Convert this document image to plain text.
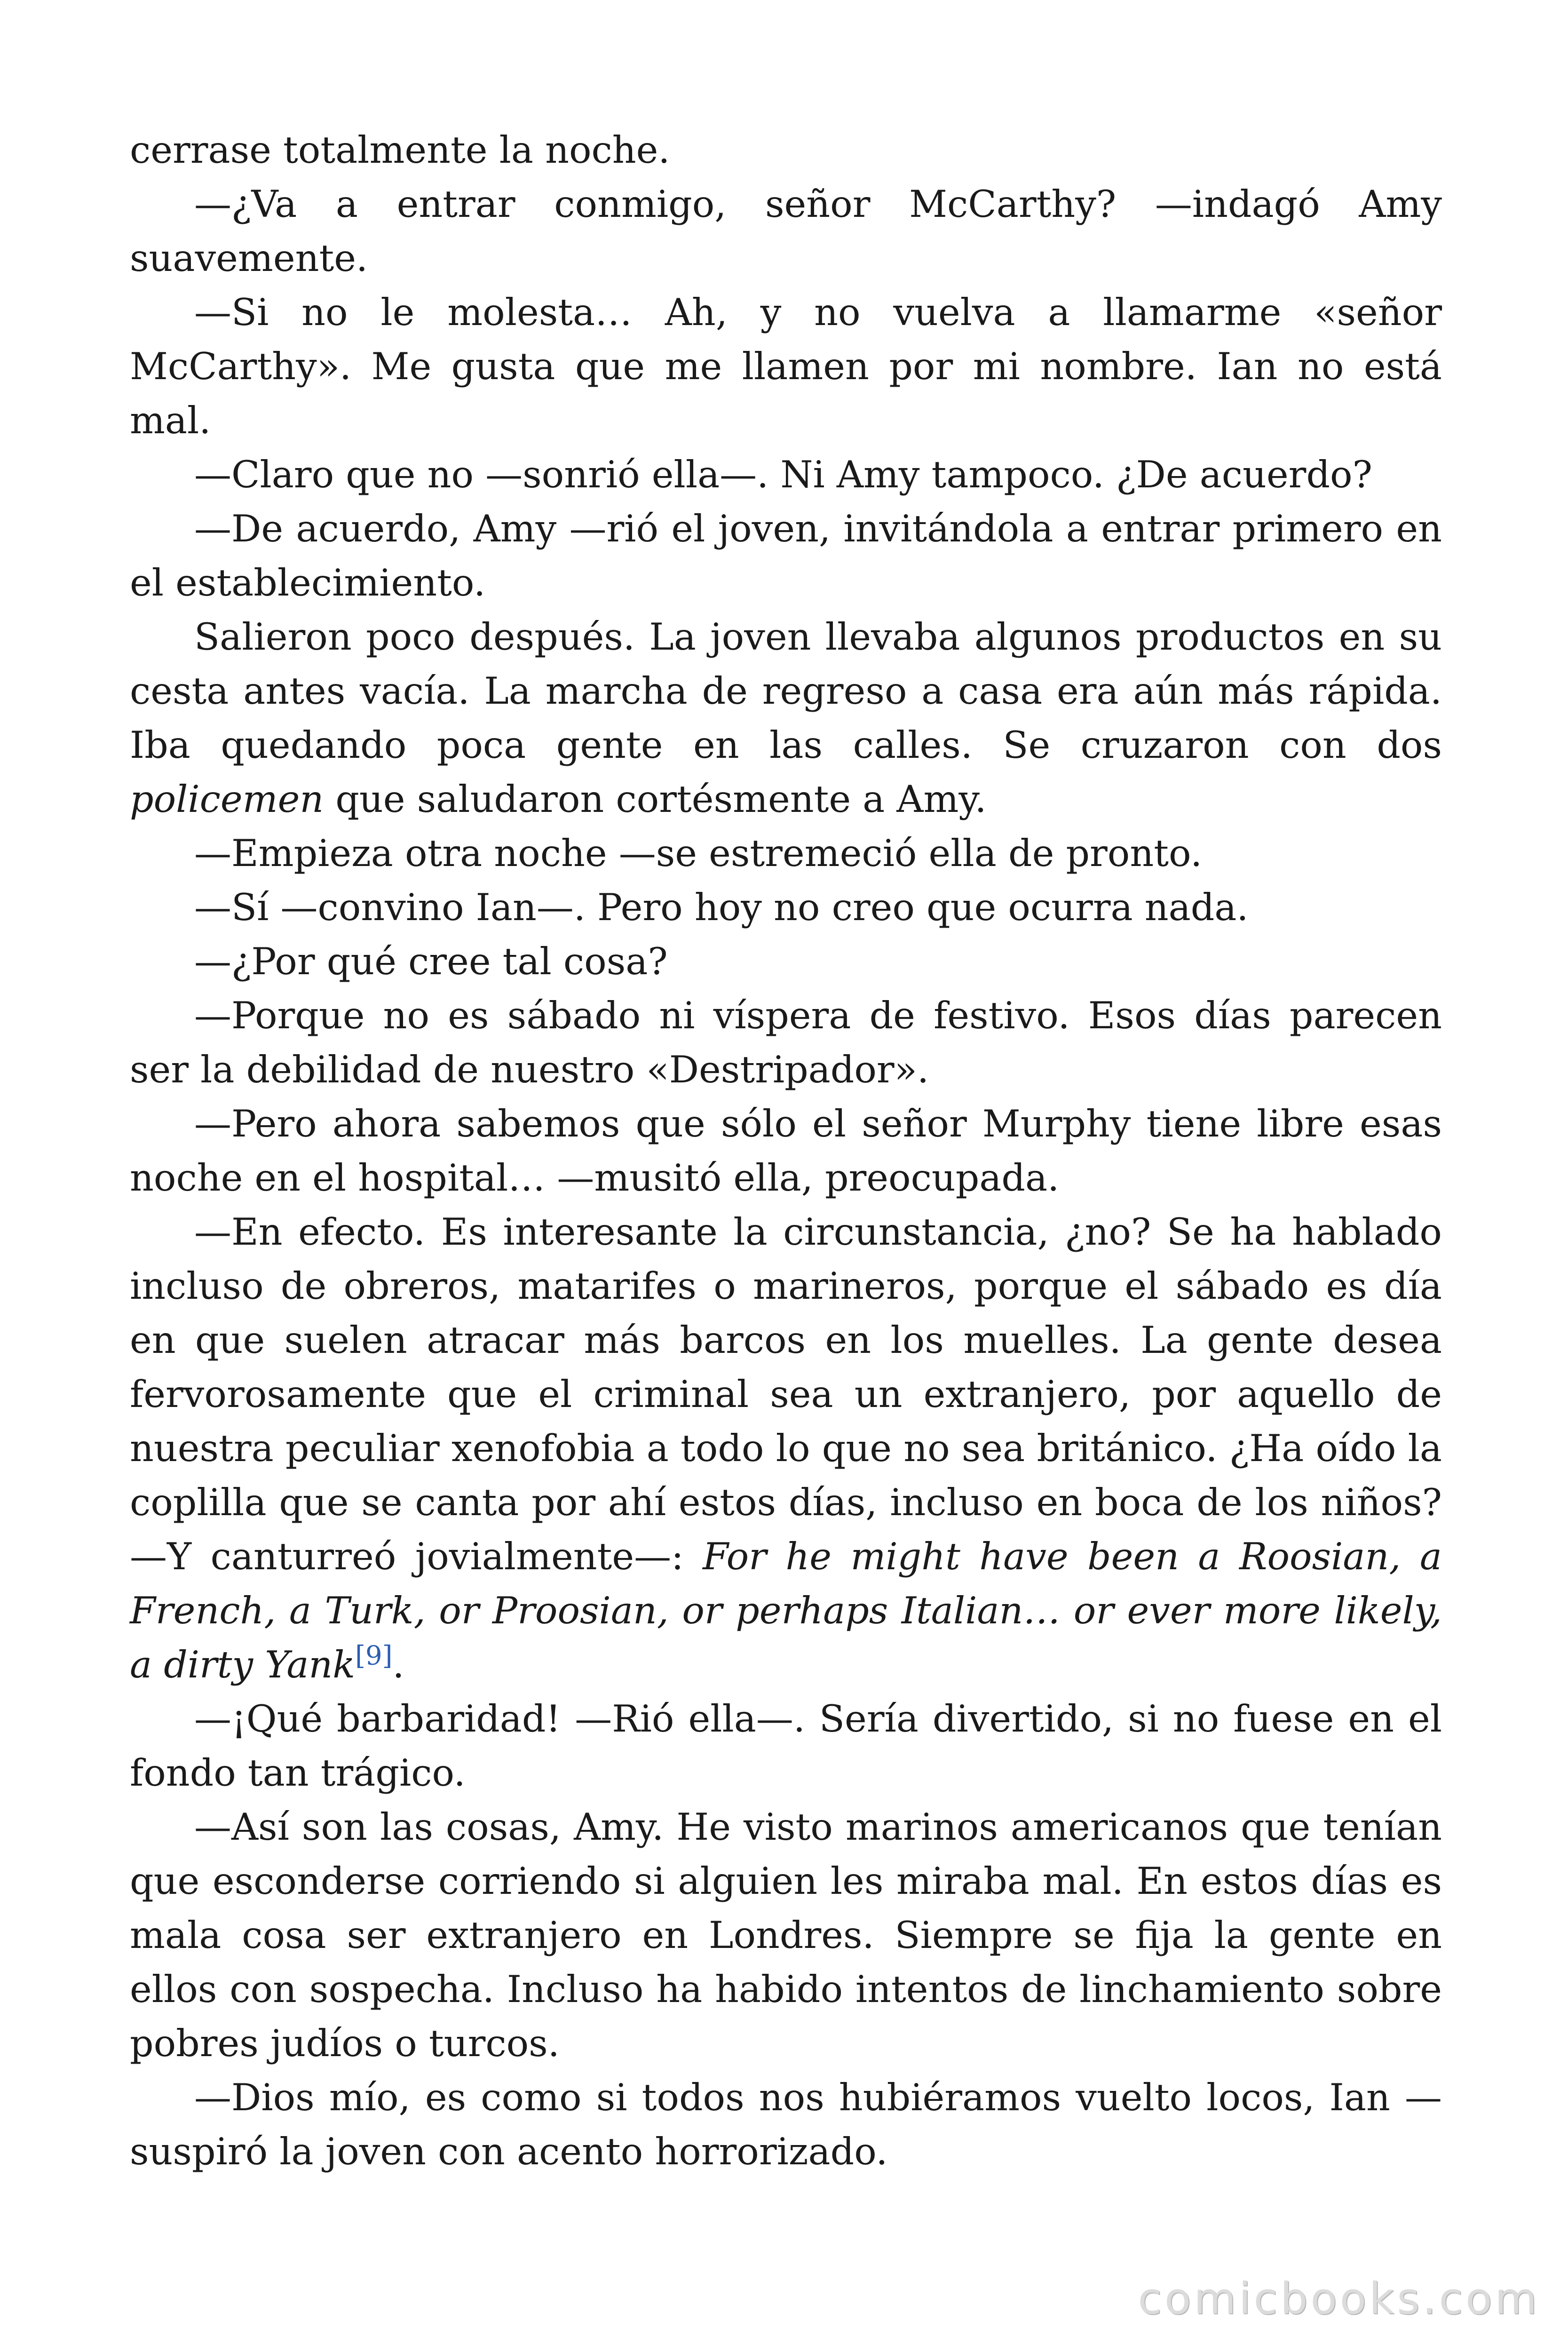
cerrase totalmente la noche.

—¿Va a entrar conmigo, señor McCarthy? —indagó Amy suavemente.

—Si no le molesta… Ah, y no vuelva a llamarme «señor McCarthy». Me gusta que me llamen por mi nombre. Ian no está mal.

—Claro que no —sonrió ella—. Ni Amy tampoco. ¿De acuerdo?

—De acuerdo, Amy —rió el joven, invitándola a entrar primero en el establecimiento.

Salieron poco después. La joven llevaba algunos productos en su cesta antes vacía. La marcha de regreso a casa era aún más rápida. Iba quedando poca gente en las calles. Se cruzaron con dos policemen que saludaron cortésmente a Amy.

—Empieza otra noche —se estremeció ella de pronto.

—Sí —convino Ian—. Pero hoy no creo que ocurra nada.

—¿Por qué cree tal cosa?

—Porque no es sábado ni víspera de festivo. Esos días parecen ser la debilidad de nuestro «Destripador».

—Pero ahora sabemos que sólo el señor Murphy tiene libre esas noche en el hospital… —musitó ella, preocupada.

—En efecto. Es interesante la circunstancia, ¿no? Se ha hablado incluso de obreros, matarifes o marineros, porque el sábado es día en que suelen atracar más barcos en los muelles. La gente desea fervorosamente que el criminal sea un extranjero, por aquello de nuestra peculiar xenofobia a todo lo que no sea británico. ¿Ha oído la coplilla que se canta por ahí estos días, incluso en boca de los niños? —Y canturreó jovialmente—: For he might have been a Roosian, a French, a Turk, or Proosian, or perhaps Italian… or ever more likely, a dirty Yank[9].

—¡Qué barbaridad! —Rió ella—. Sería divertido, si no fuese en el fondo tan trágico.

—Así son las cosas, Amy. He visto marinos americanos que tenían que esconderse corriendo si alguien les miraba mal. En estos días es mala cosa ser extranjero en Londres. Siempre se fija la gente en ellos con sospecha. Incluso ha habido intentos de linchamiento sobre pobres judíos o turcos.

—Dios mío, es como si todos nos hubiéramos vuelto locos, Ian —suspiró la joven con acento horrorizado.

comicbooks.com
